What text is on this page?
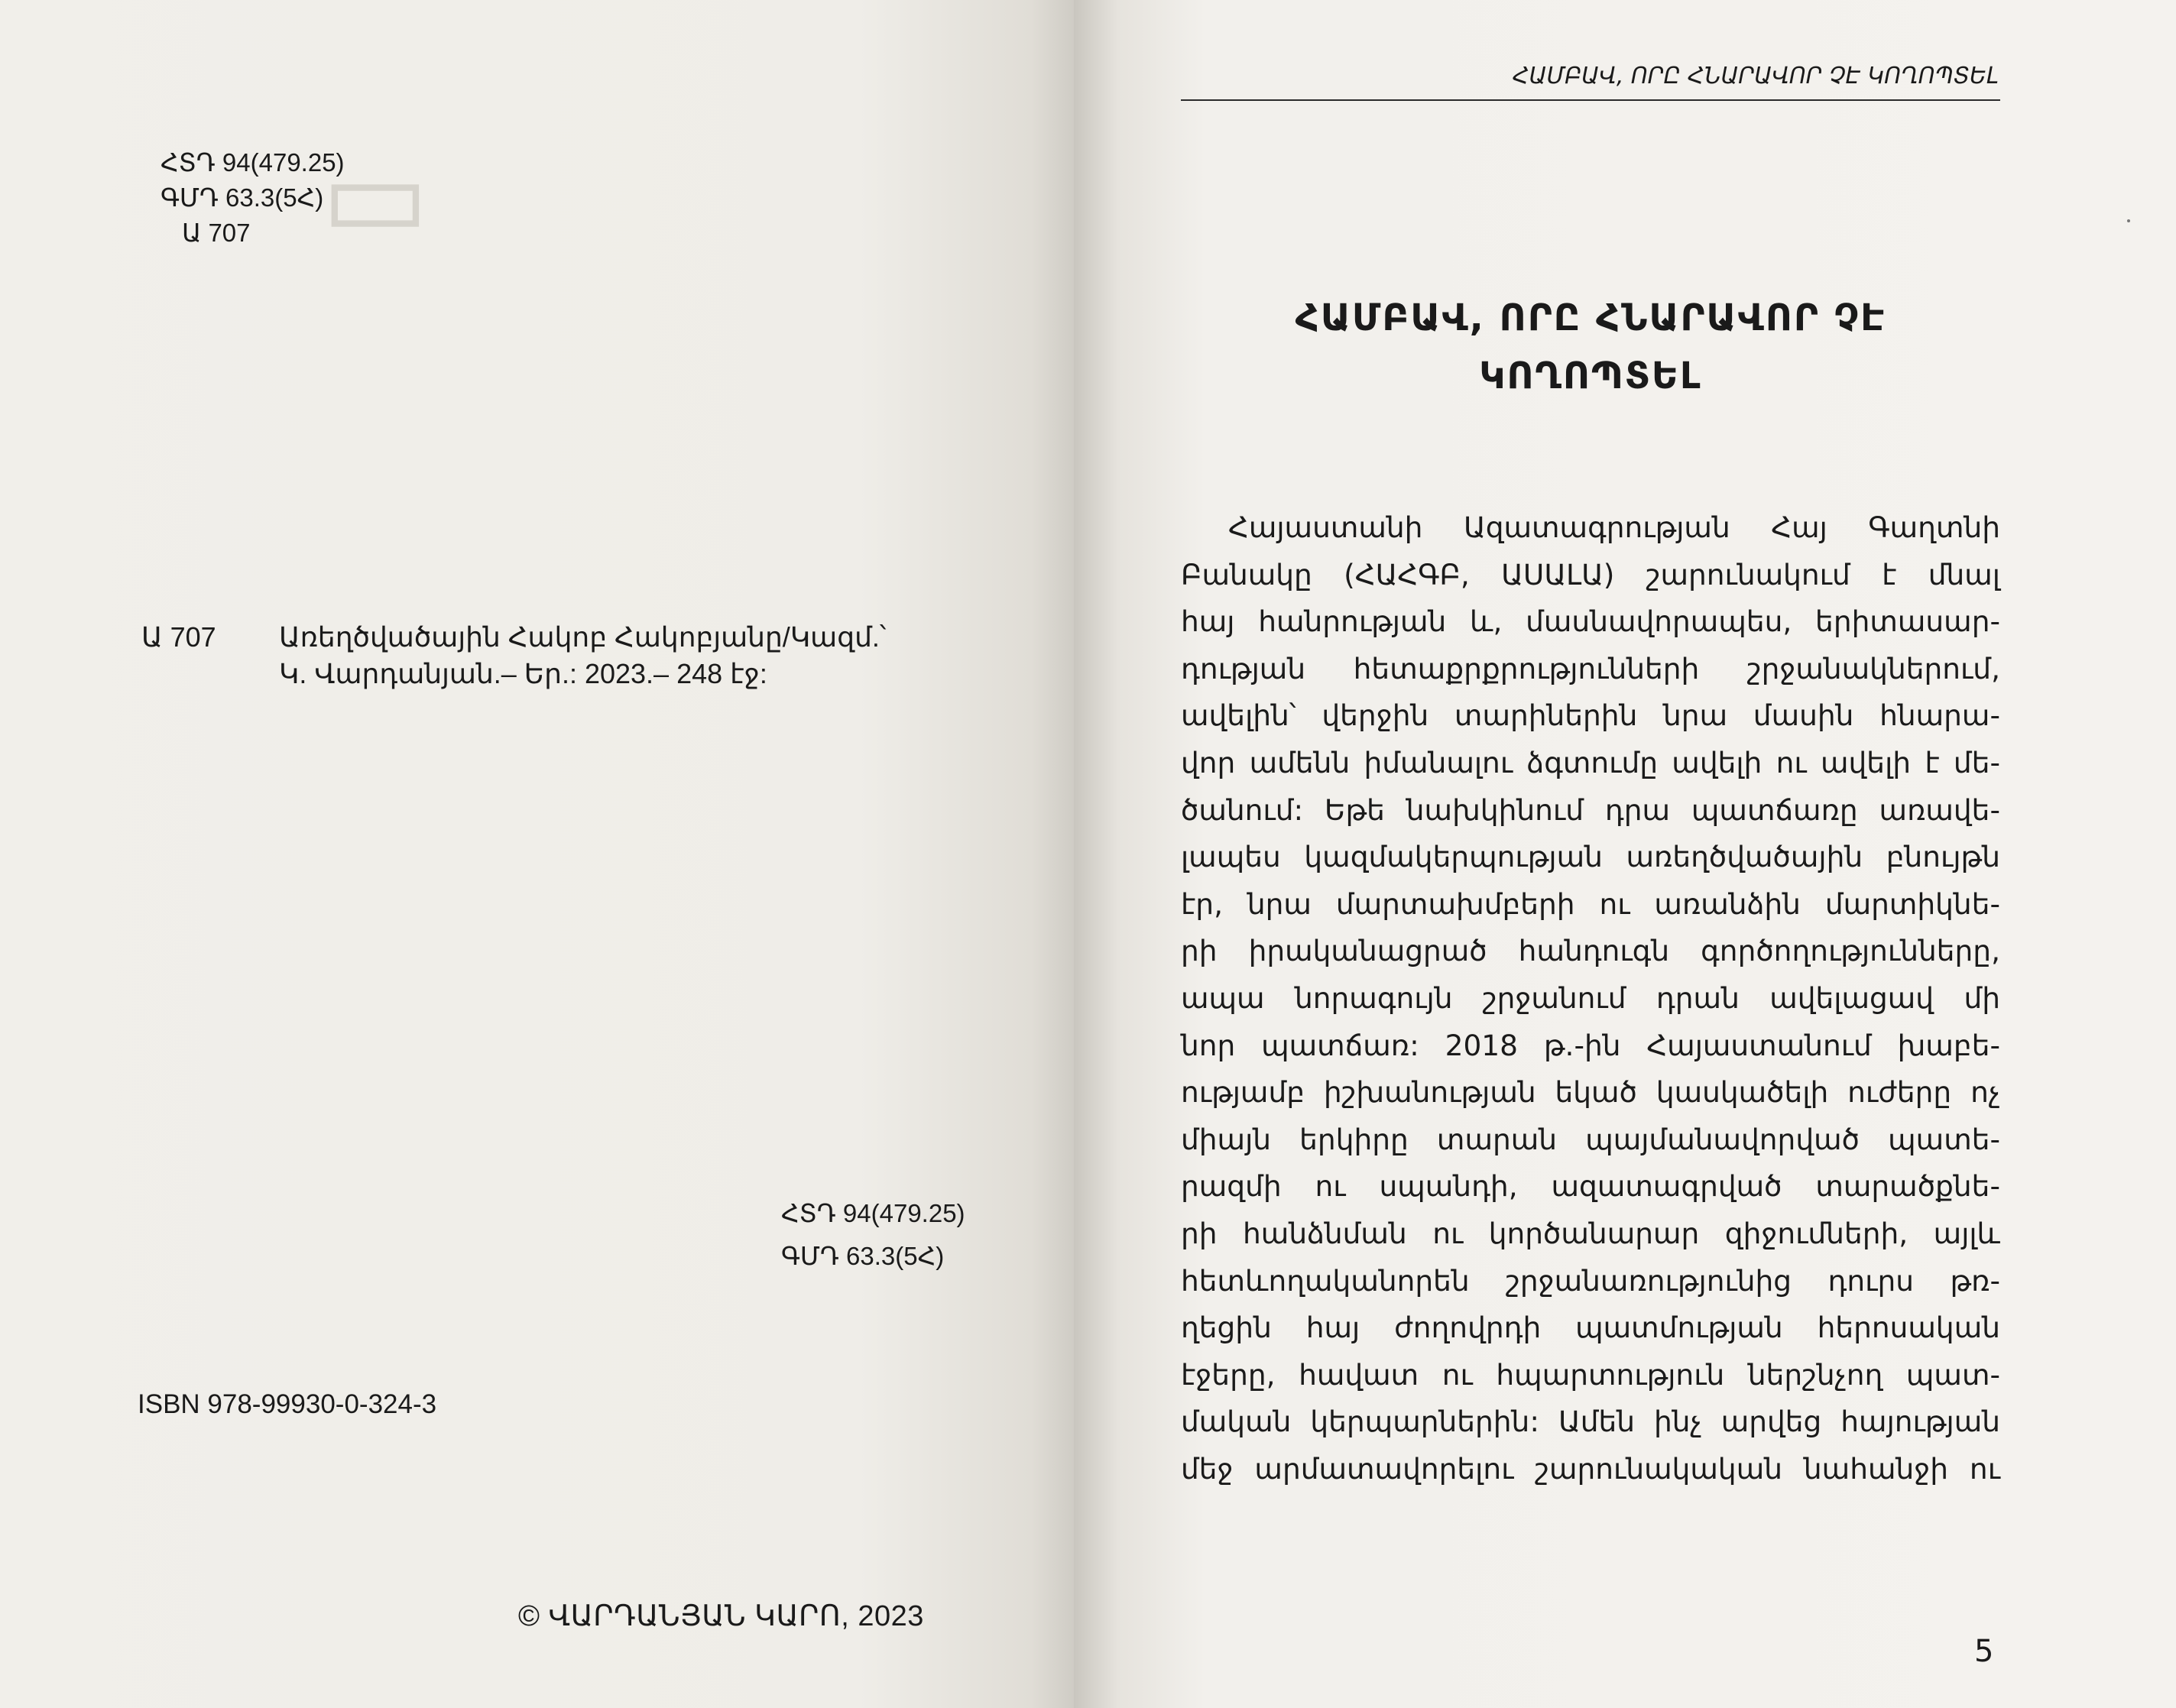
▭
ՀՏԴ 94(479.25)
ԳՄԴ 63.3(5Հ)
Ա 707
Ա 707 Առեղծվածային Հակոբ Հակոբյանը/Կազմ.՝
Կ. Վարդանյան.– Եր.: 2023.– 248 էջ:
ՀՏԴ 94(479.25)
ԳՄԴ 63.3(5Հ)
ISBN 978-99930-0-324-3
© ՎԱՐԴԱՆՅԱՆ ԿԱՐՈ, 2023
ՀԱՄԲԱՎ, ՈՐԸ ՀՆԱՐԱՎՈՐ ՉԷ ԿՈՂՈՊՏԵԼ
ՀԱՄԲԱՎ, ՈՐԸ ՀՆԱՐԱՎՈՐ ՉԷ
ԿՈՂՈՊՏԵԼ
Հայաստանի Ազատագրության Հայ Գաղտնի
Բանակը (ՀԱՀԳԲ, ԱՍԱԼԱ) շարունակում է մնալ
հայ հանրության և, մասնավորապես, երիտասար-
դության հետաքրքրությունների շրջանակներում,
ավելին՝ վերջին տարիներին նրա մասին հնարա-
վոր ամենն իմանալու ձգտումը ավելի ու ավելի է մե-
ծանում: Եթե նախկինում դրա պատճառը առավե-
լապես կազմակերպության առեղծվածային բնույթն
էր, նրա մարտախմբերի ու առանձին մարտիկնե-
րի իրականացրած հանդուգն գործողությունները,
ապա նորագույն շրջանում դրան ավելացավ մի
նոր պատճառ: 2018 թ.-ին Հայաստանում խաբե-
ությամբ իշխանության եկած կասկածելի ուժերը ոչ
միայն երկիրը տարան պայմանավորված պատե-
րազմի ու սպանդի, ազատագրված տարածքնե-
րի հանձնման ու կործանարար զիջումների, այլև
հետևողականորեն շրջանառությունից դուրս թռ-
ղեցին հայ ժողովրդի պատմության հերոսական
էջերը, հավատ ու հպարտություն ներշնչող պատ-
մական կերպարներին: Ամեն ինչ արվեց հայության
մեջ արմատավորելու շարունակական նահանջի ու
5
